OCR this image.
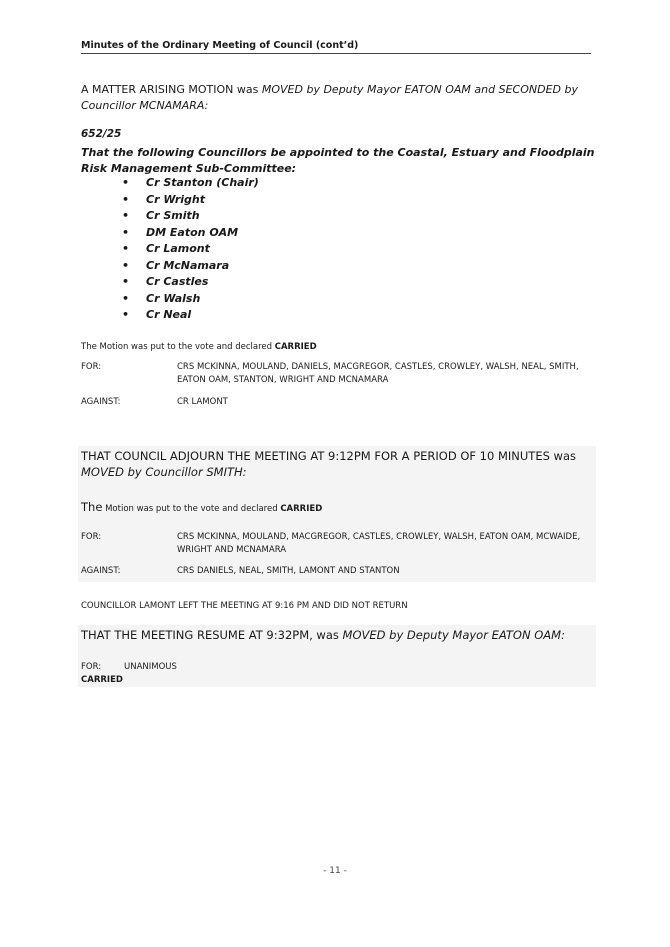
Minutes of the Ordinary Meeting of Council (cont’d)
A MATTER ARISING MOTION was MOVED by Deputy Mayor EATON OAM and SECONDED by Councillor MCNAMARA:
652/25
That the following Councillors be appointed to the Coastal, Estuary and Floodplain Risk Management Sub-Committee:
• Cr Stanton (Chair)
• Cr Wright
• Cr Smith
• DM Eaton OAM
• Cr Lamont
• Cr McNamara
• Cr Castles
• Cr Walsh
• Cr Neal
The Motion was put to the vote and declared CARRIED
FOR:	CRS MCKINNA, MOULAND, DANIELS, MACGREGOR, CASTLES, CROWLEY, WALSH, NEAL, SMITH, EATON OAM, STANTON, WRIGHT AND MCNAMARA
AGAINST:	CR LAMONT
THAT COUNCIL ADJOURN THE MEETING AT 9:12PM FOR A PERIOD OF 10 MINUTES was MOVED by Councillor SMITH:
The Motion was put to the vote and declared CARRIED
FOR:	CRS MCKINNA, MOULAND, MACGREGOR, CASTLES, CROWLEY, WALSH, EATON OAM, MCWAIDE, WRIGHT AND MCNAMARA
AGAINST:	CRS DANIELS, NEAL, SMITH, LAMONT AND STANTON
COUNCILLOR LAMONT LEFT THE MEETING AT 9:16 PM AND DID NOT RETURN
THAT THE MEETING RESUME AT 9:32PM, was MOVED by Deputy Mayor EATON OAM:
FOR:	UNANIMOUS
CARRIED
- 11 -
